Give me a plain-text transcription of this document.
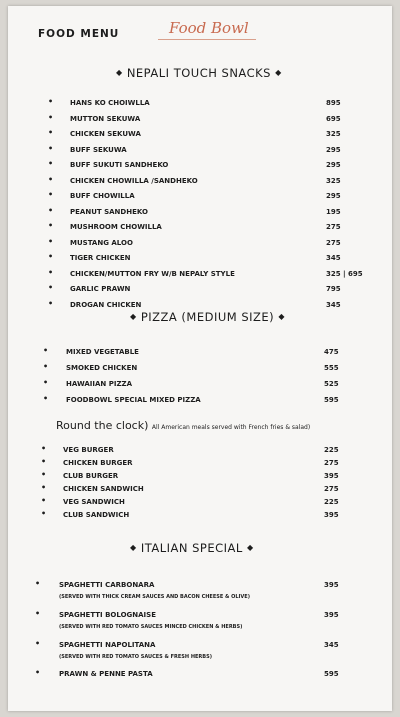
FOOD MENU	Food Bowl
◆ NEPALI TOUCH SNACKS ◆
• HANS KO CHOIWLLA	895
• MUTTON SEKUWA	695
• CHICKEN SEKUWA	325
• BUFF SEKUWA	295
• BUFF SUKUTI SANDHEKO	295
• CHICKEN CHOWILLA /SANDHEKO	325
• BUFF CHOWILLA	295
• PEANUT SANDHEKO	195
• MUSHROOM CHOWILLA	275
• MUSTANG ALOO	275
• TIGER CHICKEN	345
• CHICKEN/MUTTON FRY W/B NEPALY STYLE	325 | 695
• GARLIC PRAWN	795
• DROGAN CHICKEN	345
◆ PIZZA (MEDIUM SIZE) ◆
•	MIXED VEGETABLE	475
•	SMOKED CHICKEN	555
•	HAWAIIAN PIZZA	525
•	FOODBOWL SPECIAL MIXED PIZZA	595
Round the clock) All American meals served with French fries & salad)
• VEG BURGER	225
• CHICKEN BURGER	275
• CLUB BURGER	395
• CHICKEN SANDWICH	275
• VEG SANDWICH	225
• CLUB SANDWICH	395
◆ ITALIAN SPECIAL ◆
•	SPAGHETTI CARBONARA	395
(SERVED WITH THICK CREAM SAUCES AND BACON CHEESE & OLIVE)
•	SPAGHETTI BOLOGNAISE	395
(SERVED WITH RED TOMATO SAUCES MINCED CHICKEN & HERBS)
•	SPAGHETTI NAPOLITANA	345
(SERVED WITH RED TOMATO SAUCES & FRESH HERBS)
•	PRAWN & PENNE PASTA	595
